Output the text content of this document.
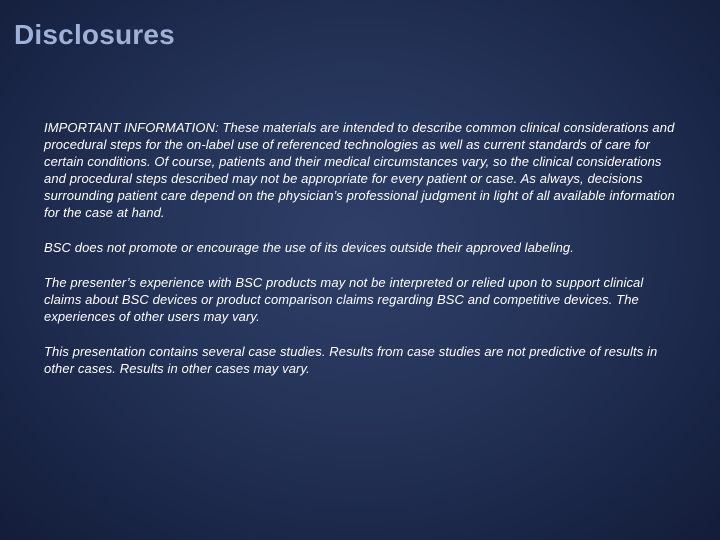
Disclosures

IMPORTANT INFORMATION: These materials are intended to describe common clinical considerations and procedural steps for the on-label use of referenced technologies as well as current standards of care for certain conditions. Of course, patients and their medical circumstances vary, so the clinical considerations and procedural steps described may not be appropriate for every patient or case. As always, decisions surrounding patient care depend on the physician’s professional judgment in light of all available information for the case at hand.

BSC does not promote or encourage the use of its devices outside their approved labeling.

The presenter’s experience with BSC products may not be interpreted or relied upon to support clinical claims about BSC devices or product comparison claims regarding BSC and competitive devices. The experiences of other users may vary.

This presentation contains several case studies. Results from case studies are not predictive of results in other cases. Results in other cases may vary.
